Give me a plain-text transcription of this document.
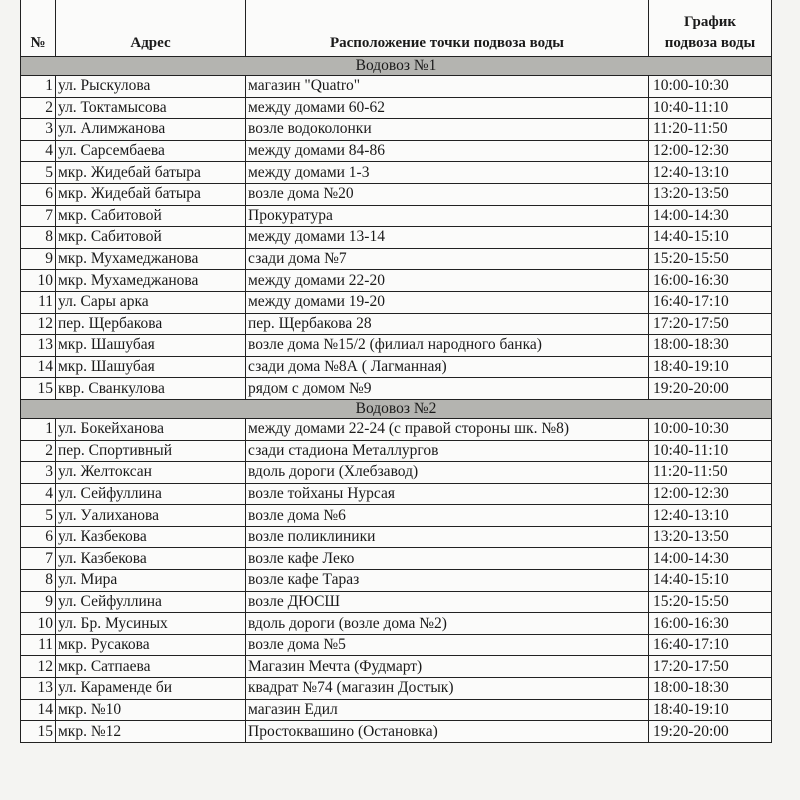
№	Адрес	Расположение точки подвоза воды	График
подвоза воды
Водовоз №1			
1	ул. Рыскулова	магазин "Quatro"	10:00-10:30
2	ул. Токтамысова	между домами 60-62	10:40-11:10
3	ул. Алимжанова	возле водоколонки	11:20-11:50
4	ул. Сарсембаева	между домами 84-86	12:00-12:30
5	мкр. Жидебай батыра	между домами 1-3	12:40-13:10
6	мкр. Жидебай батыра	возле дома №20	13:20-13:50
7	мкр. Сабитовой	Прокуратура	14:00-14:30
8	мкр. Сабитовой	между домами 13-14	14:40-15:10
9	мкр. Мухамеджанова	сзади дома №7	15:20-15:50
10	мкр. Мухамеджанова	между домами 22-20	16:00-16:30
11	ул. Сары арка	между домами 19-20	16:40-17:10
12	пер. Щербакова	пер. Щербакова 28	17:20-17:50
13	мкр. Шашубая	возле дома №15/2 (филиал народного банка)	18:00-18:30
14	мкр. Шашубая	сзади дома №8А ( Лагманная)	18:40-19:10
15	квр. Сванкулова	рядом с домом №9	19:20-20:00
Водовоз №2			
1	ул. Бокейханова	между домами 22-24 (с правой стороны шк. №8)	10:00-10:30
2	пер. Спортивный	сзади стадиона Металлургов	10:40-11:10
3	ул. Желтоксан	вдоль дороги (Хлебзавод)	11:20-11:50
4	ул. Сейфуллина	возле тойханы Нурсая	12:00-12:30
5	ул. Уалиханова	возле дома №6	12:40-13:10
6	ул. Казбекова	возле поликлиники	13:20-13:50
7	ул. Казбекова	возле кафе Леко	14:00-14:30
8	ул. Мира	возле кафе Тараз	14:40-15:10
9	ул. Сейфуллина	возле ДЮСШ	15:20-15:50
10	ул. Бр. Мусиных	вдоль дороги (возле дома №2)	16:00-16:30
11	мкр. Русакова	возле дома №5	16:40-17:10
12	мкр. Сатпаева	Магазин Мечта (Фудмарт)	17:20-17:50
13	ул. Караменде би	квадрат №74 (магазин Достык)	18:00-18:30
14	мкр. №10	магазин Едил	18:40-19:10
15	мкр. №12	Простоквашино (Остановка)	19:20-20:00
